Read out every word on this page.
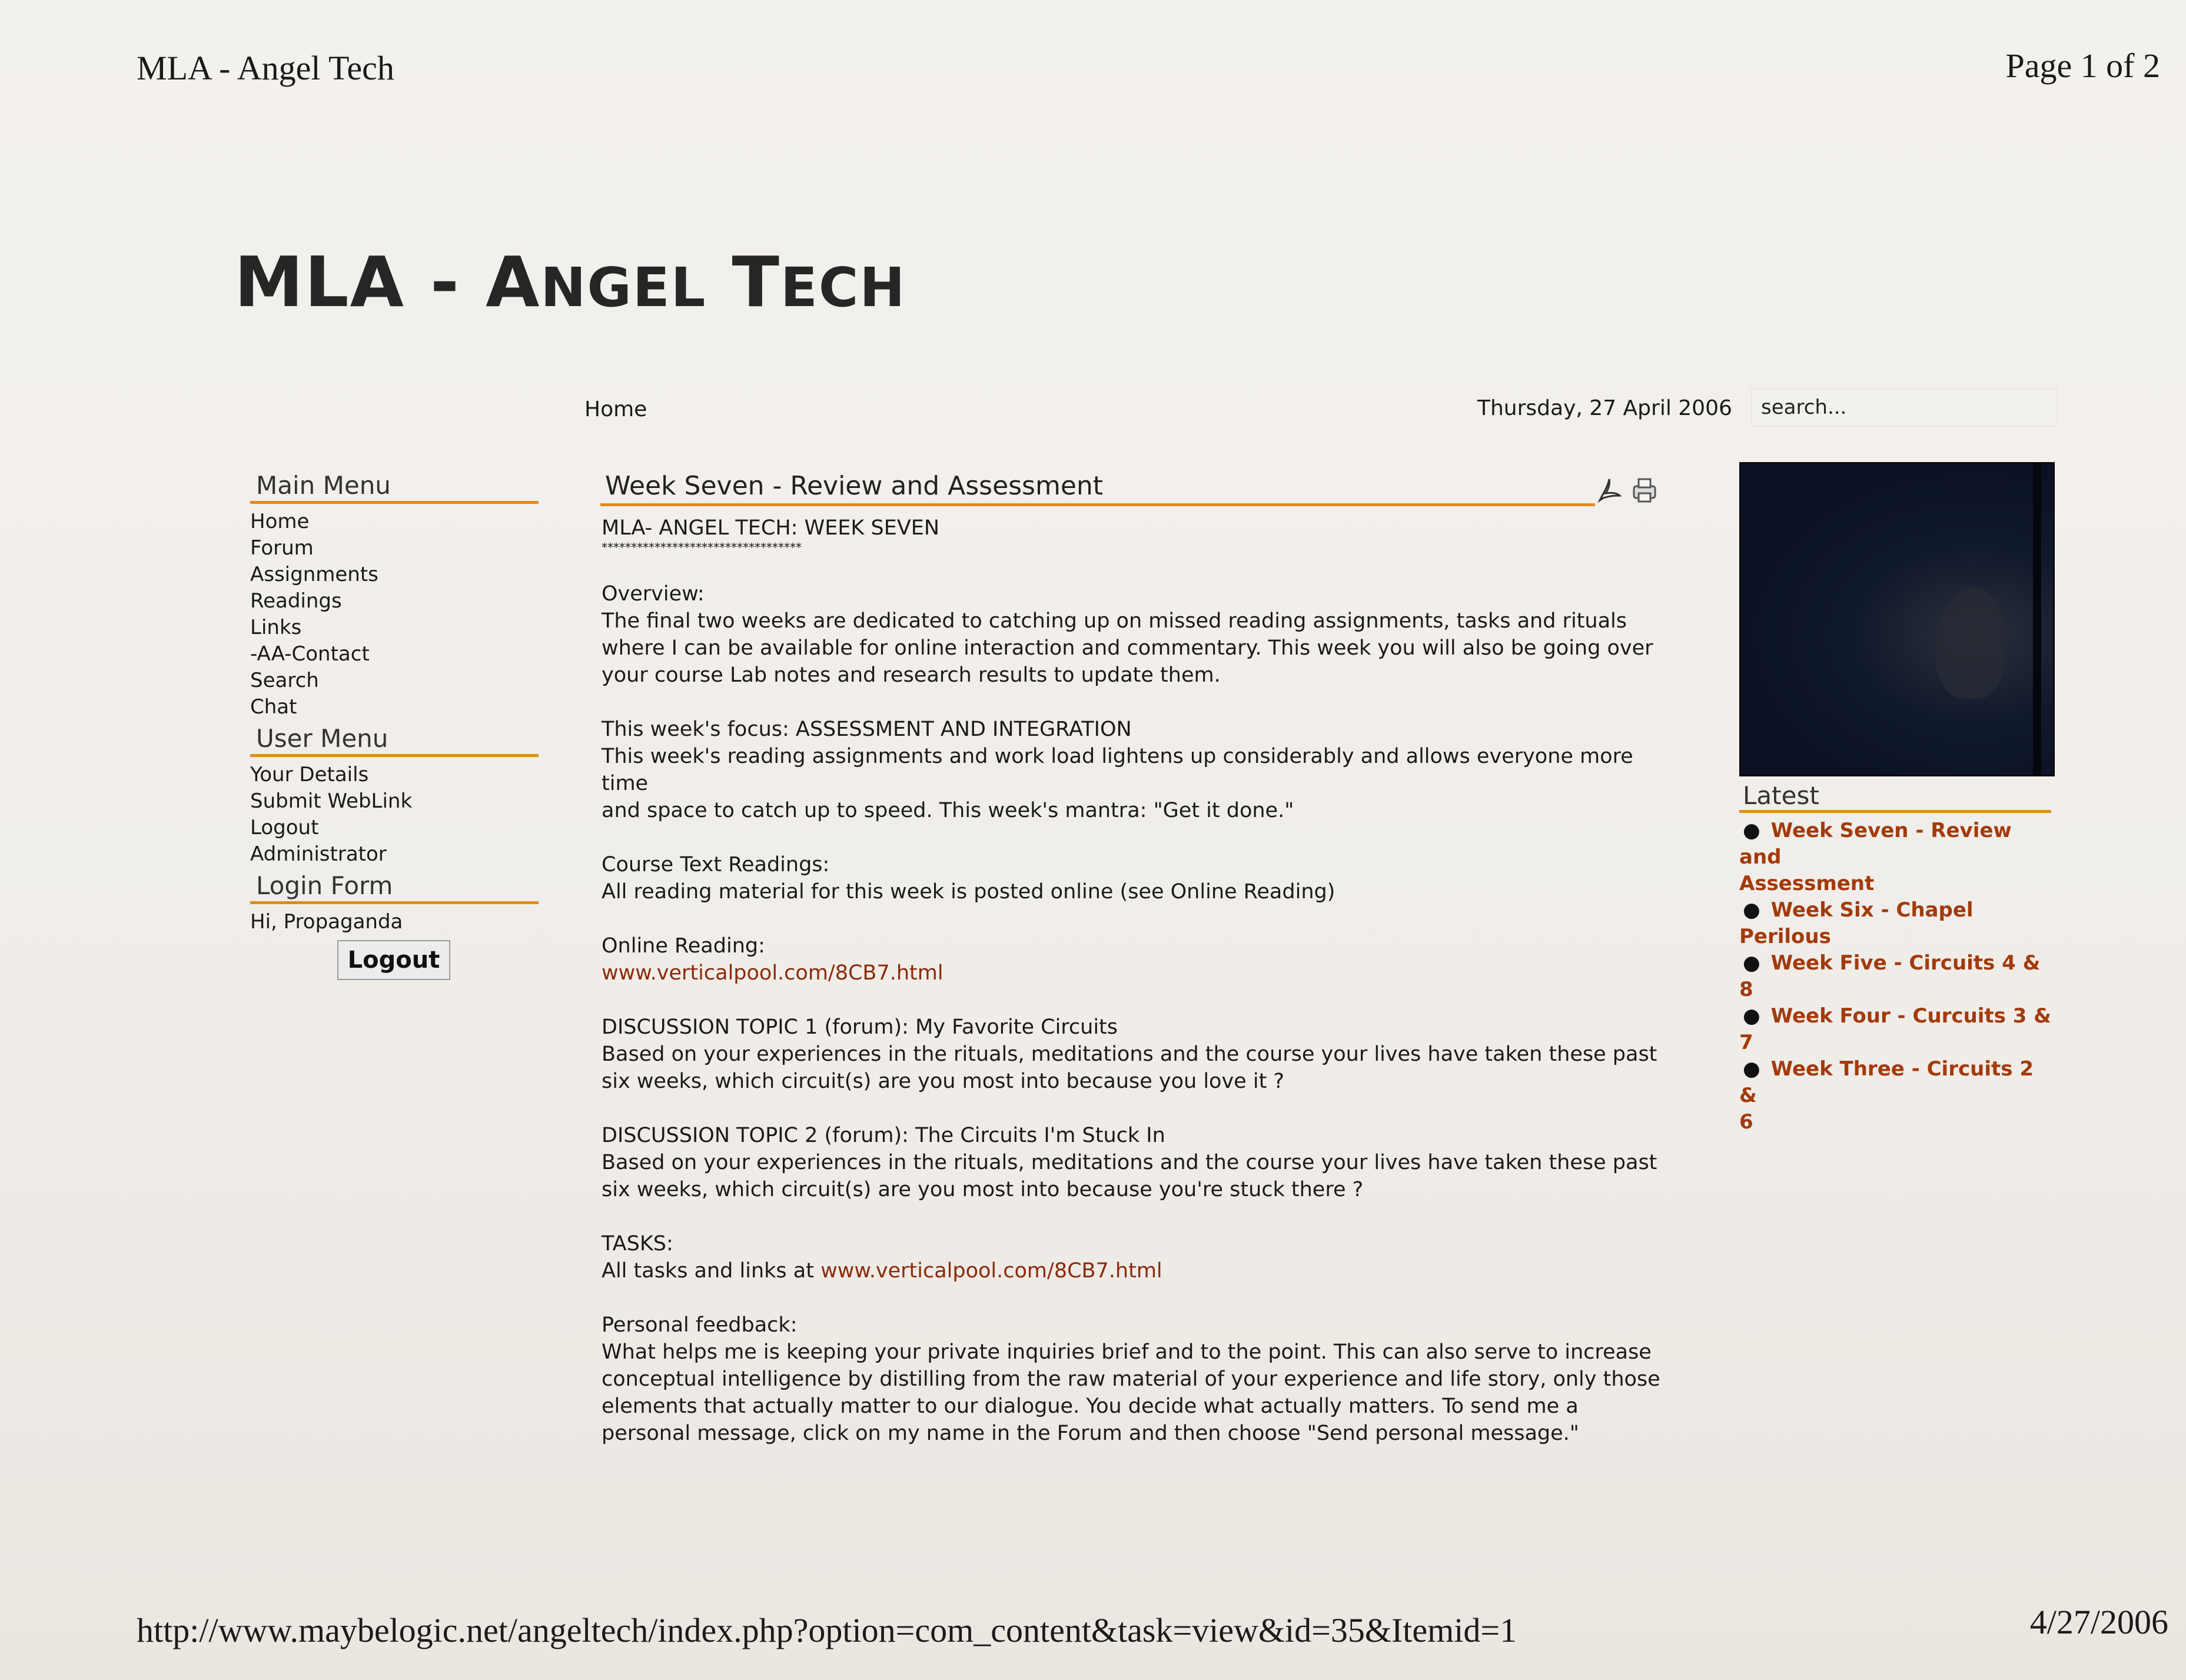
MLA - Angel Tech	Page 1 of 2
MLA - ANGEL TECH
Home	Thursday, 27 April 2006
search...
Main Menu
Home
Forum
Assignments
Readings
Links
-AA-Contact
Search
Chat
User Menu
Your Details
Submit WebLink
Logout
Administrator
Login Form
Hi, Propaganda
Logout
Week Seven - Review and Assessment

MLA- ANGEL TECH: WEEK SEVEN
**********************************

Overview:
The final two weeks are dedicated to catching up on missed reading assignments, tasks and rituals
where I can be available for online interaction and commentary. This week you will also be going over
your course Lab notes and research results to update them.

This week's focus: ASSESSMENT AND INTEGRATION
This week's reading assignments and work load lightens up considerably and allows everyone more time
and space to catch up to speed. This week's mantra: "Get it done."

Course Text Readings:
All reading material for this week is posted online (see Online Reading)

Online Reading:
www.verticalpool.com/8CB7.html

DISCUSSION TOPIC 1 (forum): My Favorite Circuits
Based on your experiences in the rituals, meditations and the course your lives have taken these past
six weeks, which circuit(s) are you most into because you love it ?

DISCUSSION TOPIC 2 (forum): The Circuits I'm Stuck In
Based on your experiences in the rituals, meditations and the course your lives have taken these past
six weeks, which circuit(s) are you most into because you're stuck there ?

TASKS:
All tasks and links at www.verticalpool.com/8CB7.html

Personal feedback:
What helps me is keeping your private inquiries brief and to the point. This can also serve to increase
conceptual intelligence by distilling from the raw material of your experience and life story, only those
elements that actually matter to our dialogue. You decide what actually matters. To send me a
personal message, click on my name in the Forum and then choose "Send personal message."

Latest
● Week Seven - Review and
Assessment
● Week Six - Chapel
Perilous
● Week Five - Circuits 4 &
8
● Week Four - Curcuits 3 &
7
● Week Three - Circuits 2 &
6
http://www.maybelogic.net/angeltech/index.php?option=com_content&task=view&id=35&Itemid=1	4/27/2006
